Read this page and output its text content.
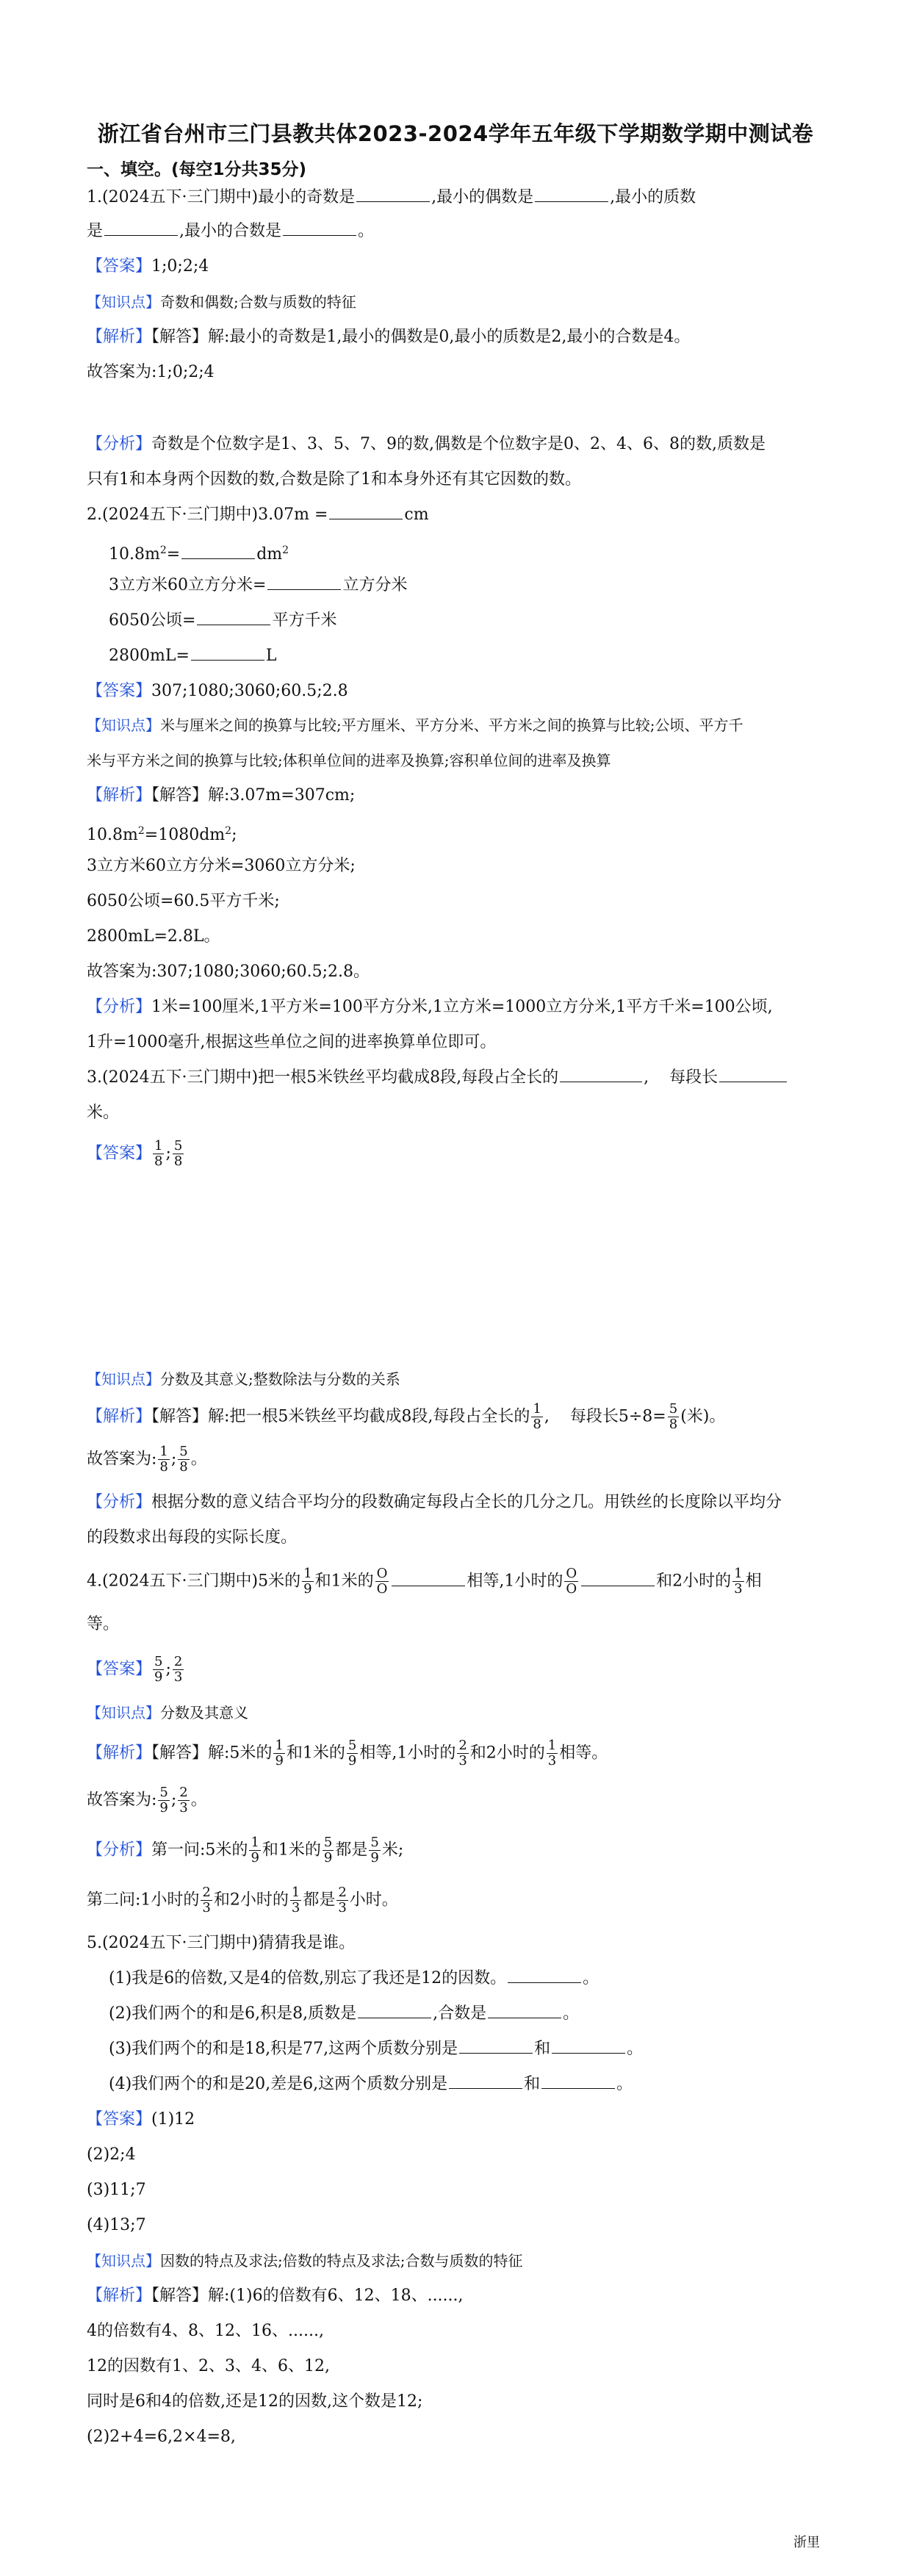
浙江省台州市三门县教共体2023-2024学年五年级下学期数学期中测试卷
一、填空。(每空1分共35分)
1.(2024五下·三门期中)最小的奇数是	,最小的偶数是	,最小的质数
是	,最小的合数是	。
【答案】1;0;2;4
【知识点】奇数和偶数;合数与质数的特征
【解析】【解答】解:最小的奇数是1,最小的偶数是0,最小的质数是2,最小的合数是4。
故答案为:1;0;2;4
【分析】奇数是个位数字是1、3、5、7、9的数,偶数是个位数字是0、2、4、6、8的数,质数是
只有1和本身两个因数的数,合数是除了1和本身外还有其它因数的数。
2.(2024五下·三门期中)3.07m =	cm
$10.8m^2=$	$dm^2$
3立方米60立方分米=	立方分米
6050公顷=	平方千米
2800mL=	L
【答案】307;1080;3060;60.5;2.8
【知识点】米与厘米之间的换算与比较;平方厘米、平方分米、平方米之间的换算与比较;公顷、平方千
米与平方米之间的换算与比较;体积单位间的进率及换算;容积单位间的进率及换算
【解析】【解答】解:3.07m=307cm;
$10.8m^2=1080dm^2$;
3立方米60立方分米=3060立方分米;
6050公顷=60.5平方千米;
2800mL=2.8L。
故答案为:307;1080;3060;60.5;2.8。
【分析】1米=100厘米,1平方米=100平方分米,1立方米=1000立方分米,1平方千米=100公顷,
1升=1000毫升,根据这些单位之间的进率换算单位即可。
3.(2024五下·三门期中)把一根5米铁丝平均截成8段,每段占全长的	, 每段长
米。
【答案】 $\frac{1}{8}$ ; $\frac{5}{8}$
【知识点】分数及其意义;整数除法与分数的关系
【解析】【解答】解:把一根5米铁丝平均截成8段,每段占全长的 $\frac{1}{8}$ , 每段长$5\div 8= \frac{5}{8}$ (米)。
故答案为: $\frac{1}{8}$ ; $\frac{5}{8}$ 。
【分析】根据分数的意义结合平均分的段数确定每段占全长的几分之几。用铁丝的长度除以平均分
的段数求出每段的实际长度。
4.(2024五下·三门期中)5米的 $\frac{1}{9}$ 和1米的 $\frac{O}{O}$	相等,1小时的 $\frac{O}{O}$	和2小时的 $\frac{1}{3}$ 相
等。
【答案】 $\frac{5}{9}$ ; $\frac{2}{3}$
【知识点】分数及其意义
【解析】【解答】解:5米的 $\frac{1}{9}$ 和1米的 $\frac{5}{9}$ 相等,1小时的 $\frac{2}{3}$ 和2小时的 $\frac{1}{3}$ 相等。
故答案为: $\frac{5}{9}$ ; $\frac{2}{3}$ 。
【分析】第一问:5米的 $\frac{1}{9}$ 和1米的 $\frac{5}{9}$ 都是 $\frac{5}{9}$ 米;
第二问:1小时的 $\frac{2}{3}$ 和2小时的 $\frac{1}{3}$ 都是 $\frac{2}{3}$ 小时。
5.(2024五下·三门期中)猜猜我是谁。
(1)我是6的倍数,又是4的倍数,别忘了我还是12的因数。	。
(2)我们两个的和是6,积是8,质数是	,合数是	。
(3)我们两个的和是18,积是77,这两个质数分别是	和	。
(4)我们两个的和是20,差是6,这两个质数分别是	和	。
【答案】(1)12
(2)2;4
(3)11;7
(4)13;7
【知识点】因数的特点及求法;倍数的特点及求法;合数与质数的特征
【解析】【解答】解:(1)6的倍数有6、12、18、......,
4的倍数有4、8、12、16、......,
12的因数有1、2、3、4、6、12,
同时是6和4的倍数,还是12的因数,这个数是12;
(2)2+4=6,2×4=8,
浙里
